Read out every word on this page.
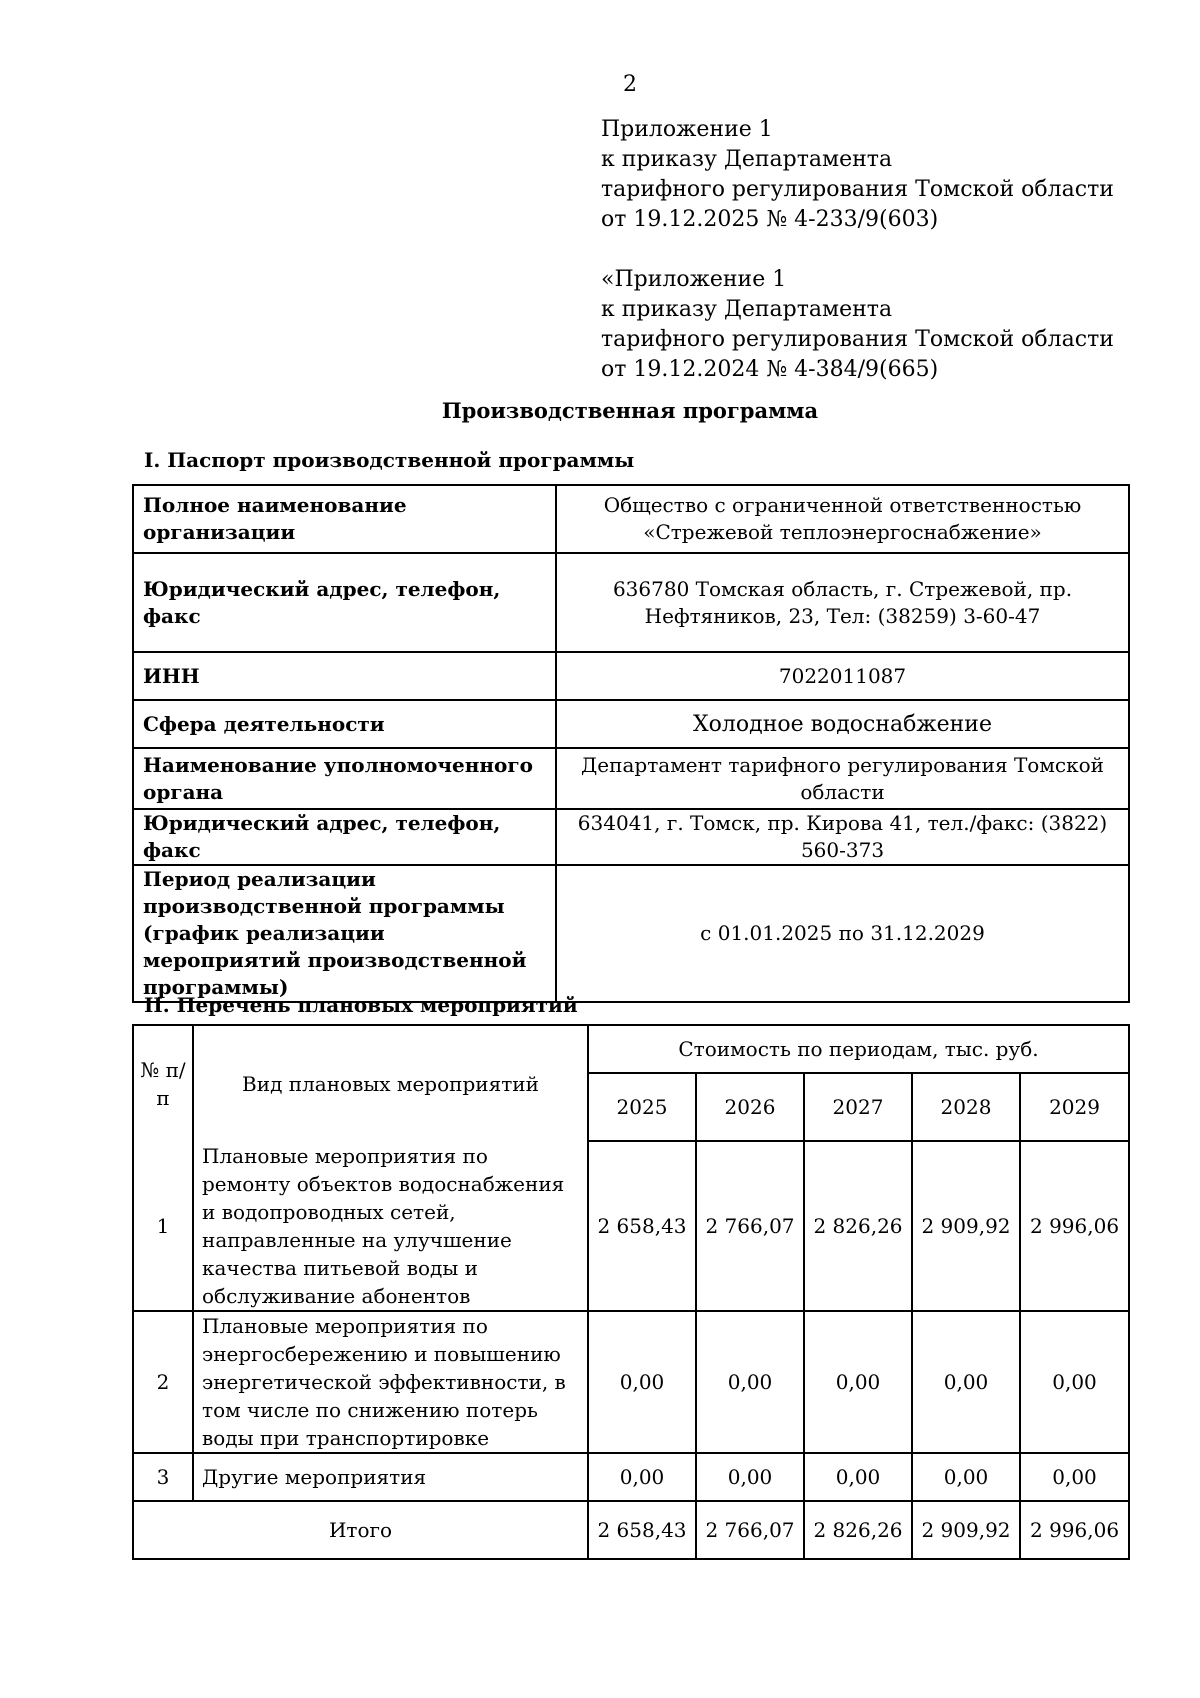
2
Приложение 1
к приказу Департамента
тарифного регулирования Томской области
от 19.12.2025 № 4-233/9(603)
«Приложение 1
к приказу Департамента
тарифного регулирования Томской области
от 19.12.2024 № 4-384/9(665)
Производственная программа
I. Паспорт производственной программы
Полное наименование организации	Общество с ограниченной ответственностью «Стрежевой теплоэнергоснабжение»
Юридический адрес, телефон, факс	636780 Томская область, г. Стрежевой, пр. Нефтяников, 23, Тел: (38259) 3-60-47
ИНН	7022011087
Сфера деятельности	Холодное водоснабжение
Наименование уполномоченного органа	Департамент тарифного регулирования Томской области
Юридический адрес, телефон, факс	634041, г. Томск, пр. Кирова 41, тел./факс: (3822) 560-373
Период реализации производственной программы (график реализации мероприятий производственной программы)	с 01.01.2025 по 31.12.2029
II. Перечень плановых мероприятий
№ п/п	Вид плановых мероприятий	Стоимость по периодам, тыс. руб.				
		2025	2026	2027	2028	2029
1	Плановые мероприятия по ремонту объектов водоснабжения и водопроводных сетей, направленные на улучшение качества питьевой воды и обслуживание абонентов	2 658,43	2 766,07	2 826,26	2 909,92	2 996,06
2	Плановые мероприятия по энергосбережению и повышению энергетической эффективности, в том числе по снижению потерь воды при транспортировке	0,00	0,00	0,00	0,00	0,00
3	Другие мероприятия	0,00	0,00	0,00	0,00	0,00
Итого		2 658,43	2 766,07	2 826,26	2 909,92	2 996,06
